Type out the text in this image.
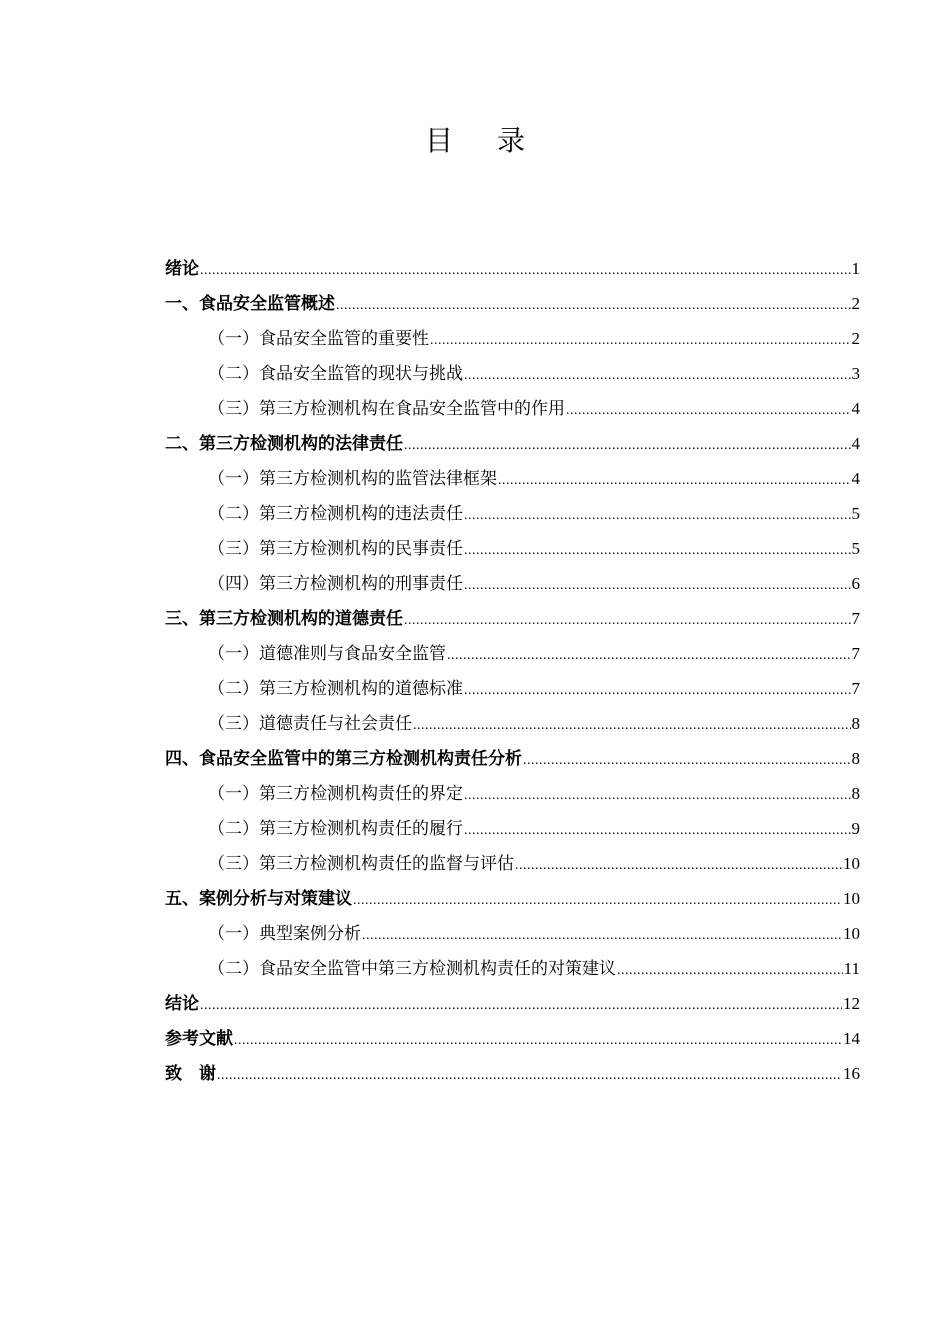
目录
绪论 .....	1
一、食品安全监管概述 .....	2
（一）食品安全监管的重要性 .....	2
（二）食品安全监管的现状与挑战 .....	3
（三）第三方检测机构在食品安全监管中的作用 .....	4
二、第三方检测机构的法律责任 .....	4
（一）第三方检测机构的监管法律框架 .....	4
（二）第三方检测机构的违法责任 .....	5
（三）第三方检测机构的民事责任 .....	5
（四）第三方检测机构的刑事责任 .....	6
三、第三方检测机构的道德责任 .....	7
（一）道德准则与食品安全监管 .....	7
（二）第三方检测机构的道德标准 .....	7
（三）道德责任与社会责任 .....	8
四、食品安全监管中的第三方检测机构责任分析 .....	8
（一）第三方检测机构责任的界定 .....	8
（二）第三方检测机构责任的履行 .....	9
（三）第三方检测机构责任的监督与评估 .....	10
五、案例分析与对策建议 .....	10
（一）典型案例分析 .....	10
（二）食品安全监管中第三方检测机构责任的对策建议 .....	11
结论 .....	12
参考文献 .....	14
致　谢 .....	16
